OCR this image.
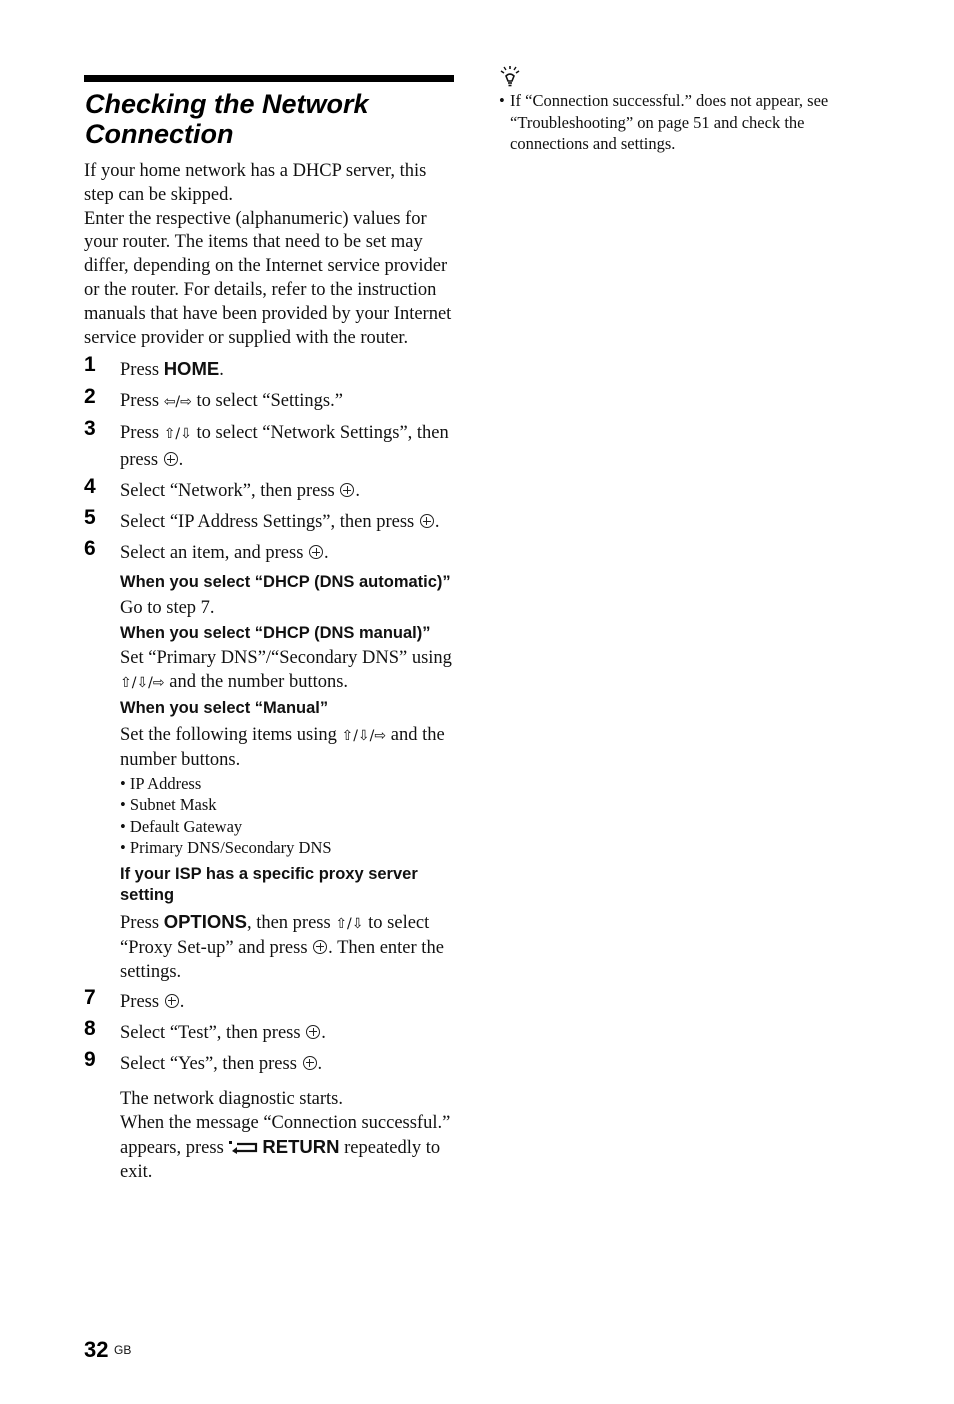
Checking the Network Connection

If your home network has a DHCP server, this step can be skipped.

Enter the respective (alphanumeric) values for your router. The items that need to be set may differ, depending on the Internet service provider or the router. For details, refer to the instruction manuals that have been provided by your Internet service provider or supplied with the router.

1 Press HOME.
2 Press ⇦/⇨ to select “Settings.”
3 Press ⇧/⇩ to select “Network Settings”, then press .
4 Select “Network”, then press .
5 Select “IP Address Settings”, then press .
6 Select an item, and press .

When you select “DHCP (DNS automatic)”

Go to step 7.

When you select “DHCP (DNS manual)”

Set “Primary DNS”/“Secondary DNS” using ⇧/⇩/⇨ and the number buttons.

When you select “Manual”

Set the following items using ⇧/⇩/⇨ and the number buttons.

• IP Address

• Subnet Mask

• Default Gateway

• Primary DNS/Secondary DNS

If your ISP has a specific proxy server setting

Press OPTIONS, then press ⇧/⇩ to select “Proxy Set-up” and press . Then enter the settings.

7 Press .
8 Select “Test”, then press .
9 Select “Yes”, then press .

The network diagnostic starts.

When the message “Connection successful.” appears, press RETURN repeatedly to exit.

• If “Connection successful.” does not appear, see “Troubleshooting” on page 51 and check the connections and settings.
32 GB
